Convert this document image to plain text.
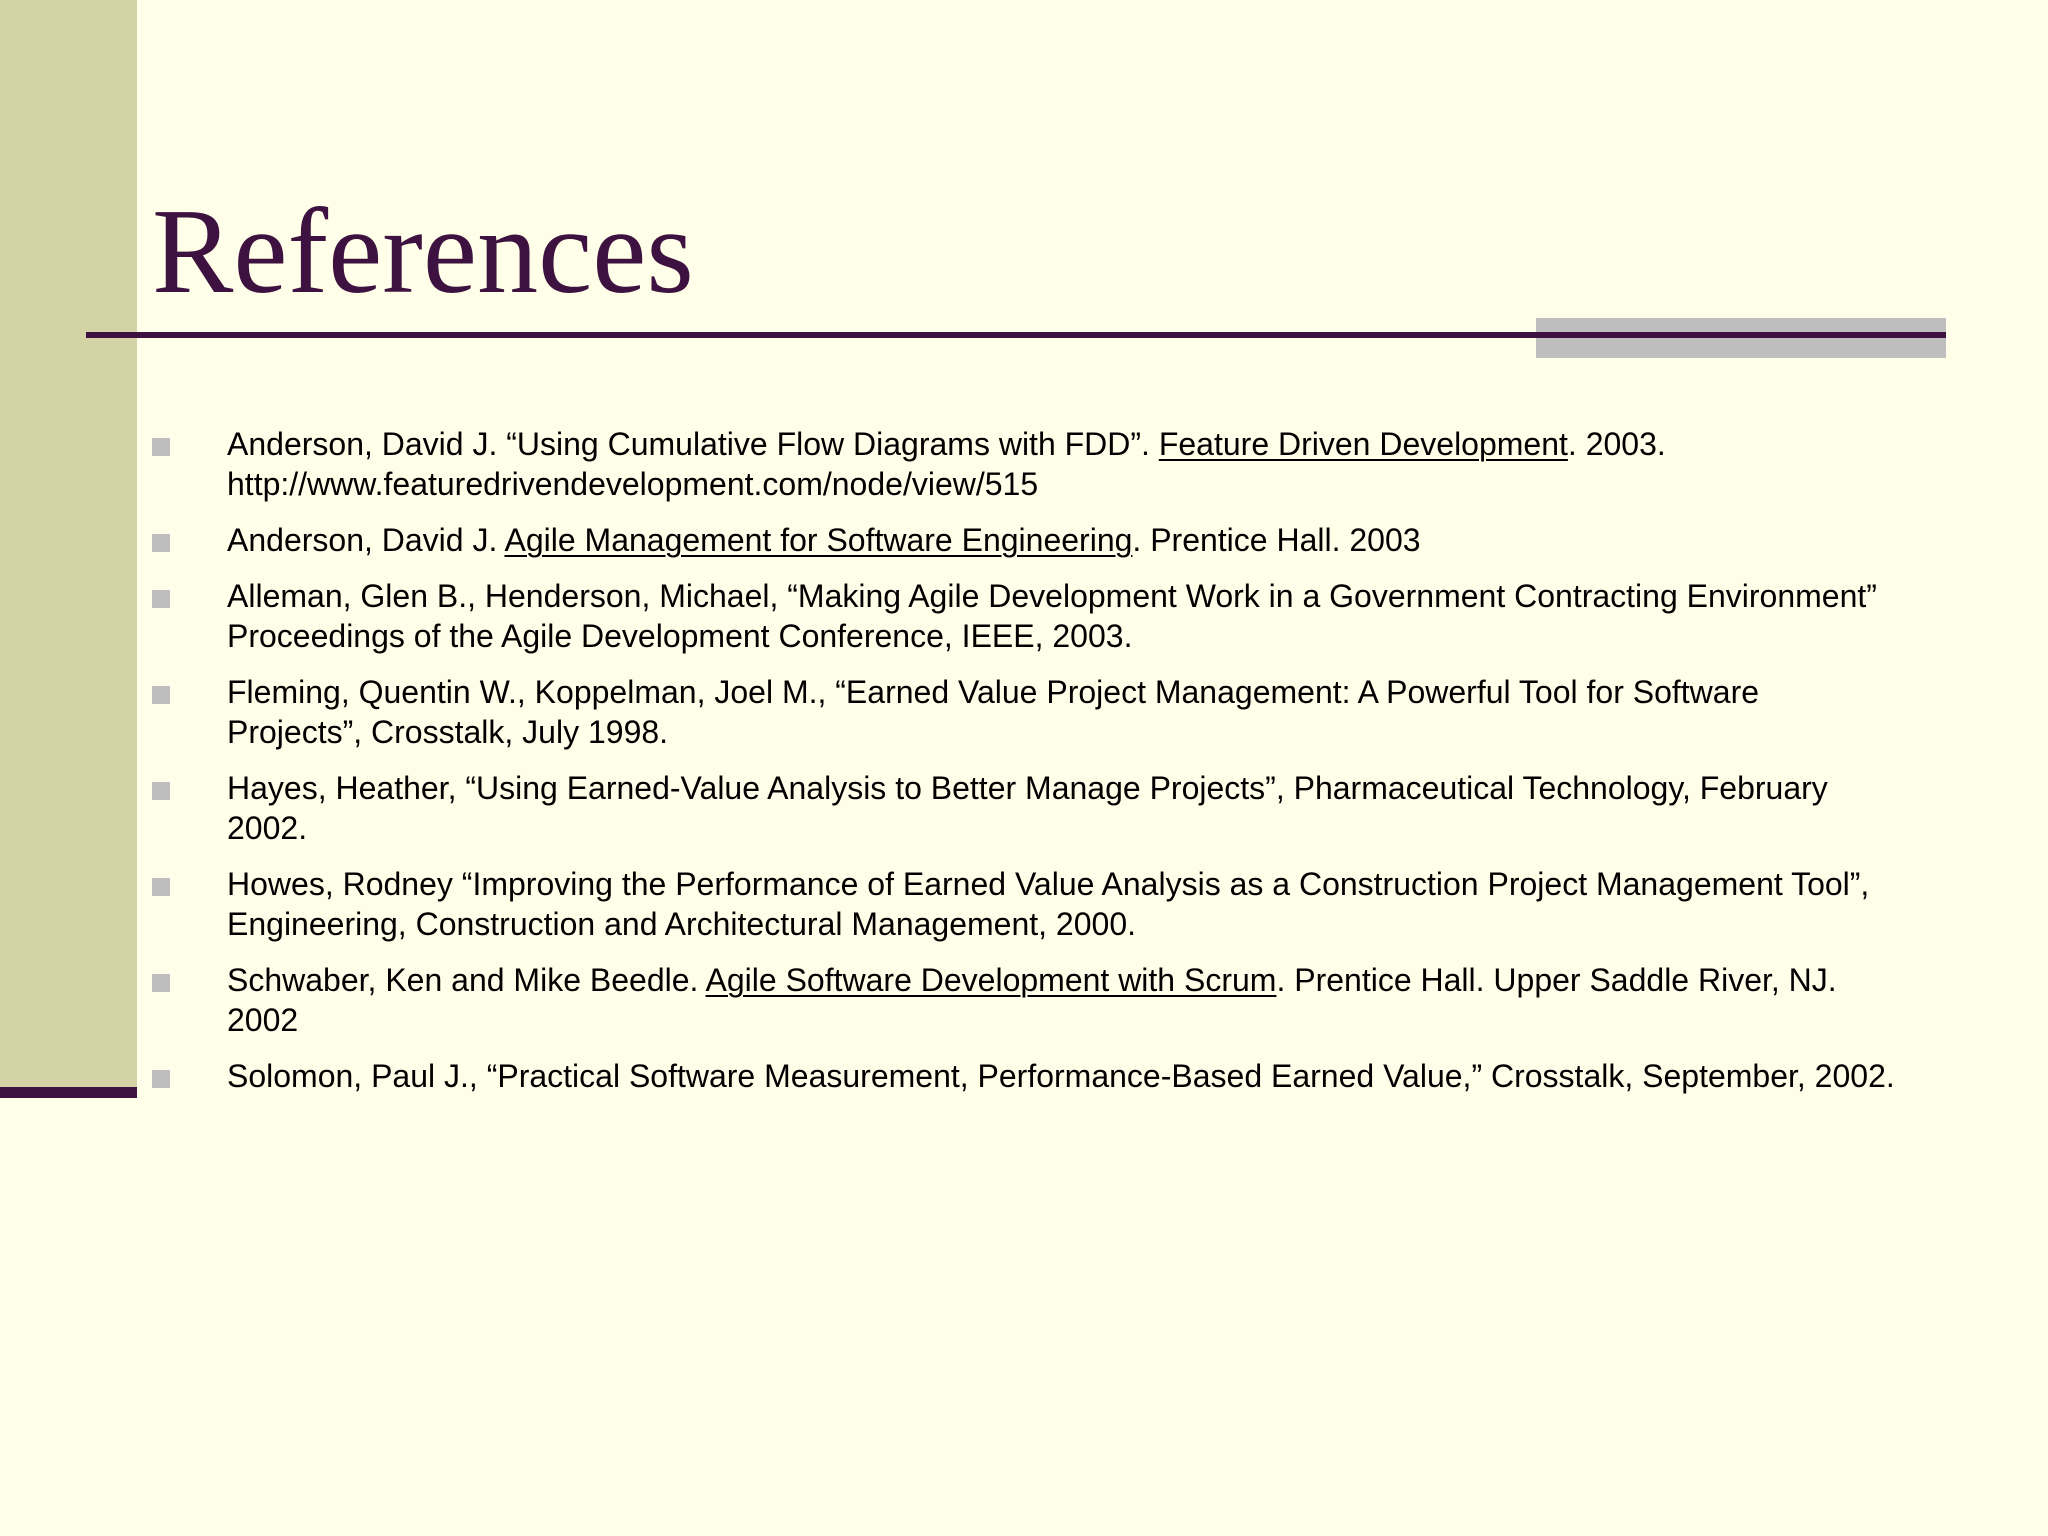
References
Anderson, David J. “Using Cumulative Flow Diagrams with FDD”. Feature Driven Development. 2003. http://www.featuredrivendevelopment.com/node/view/515
Anderson, David J. Agile Management for Software Engineering. Prentice Hall. 2003
Alleman, Glen B., Henderson, Michael, “Making Agile Development Work in a Government Contracting Environment” Proceedings of the Agile Development Conference, IEEE, 2003.
Fleming, Quentin W., Koppelman, Joel M., “Earned Value Project Management: A Powerful Tool for Software Projects”, Crosstalk, July 1998.
Hayes, Heather, “Using Earned-Value Analysis to Better Manage Projects”, Pharmaceutical Technology, February 2002.
Howes, Rodney “Improving the Performance of Earned Value Analysis as a Construction Project Management Tool”, Engineering, Construction and Architectural Management, 2000.
Schwaber, Ken and Mike Beedle. Agile Software Development with Scrum. Prentice Hall. Upper Saddle River, NJ. 2002
Solomon, Paul J., “Practical Software Measurement, Performance-Based Earned Value,” Crosstalk, September, 2002.
